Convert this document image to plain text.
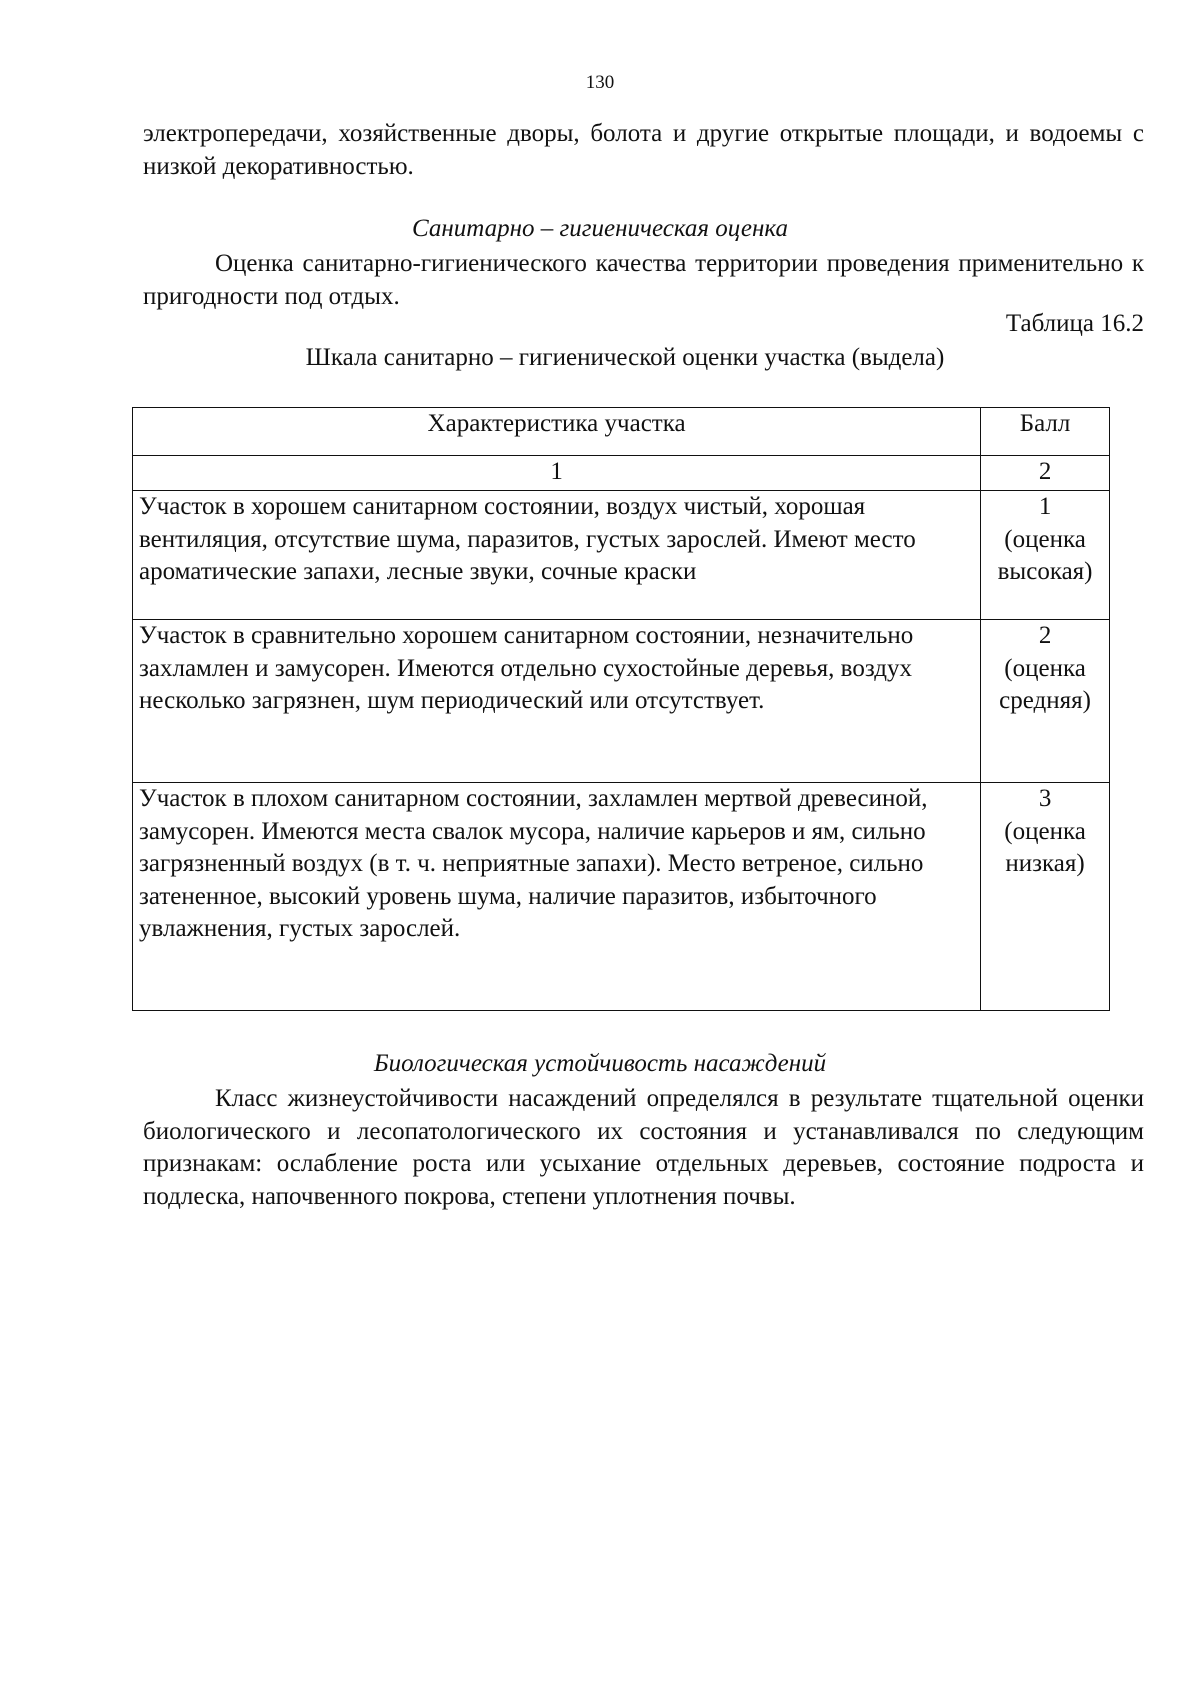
130

электропередачи, хозяйственные дворы, болота и другие открытые площади, и водоемы с низкой декоративностью.

Санитарно – гигиеническая оценка

Оценка санитарно-гигиенического качества территории проведения применительно к пригодности под отдых.

Таблица 16.2

Шкала санитарно – гигиенической оценки участка (выдела)

Характеристика участка	Балл
1	2
Участок в хорошем санитарном состоянии, воздух чистый, хорошая вентиляция, отсутствие шума, паразитов, густых зарослей. Имеют место ароматические запахи, лесные звуки, сочные краски	1
(оценка высокая)

Участок в сравнительно хорошем санитарном состоянии, незначительно захламлен и замусорен. Имеются отдельно сухостойные деревья, воздух несколько загрязнен, шум периодический или отсутствует.	2
(оценка средняя)

Участок в плохом санитарном состоянии, захламлен мертвой древесиной, замусорен. Имеются места свалок мусора, наличие карьеров и ям, сильно загрязненный воздух (в т. ч. неприятные запахи). Место ветреное, сильно затененное, высокий уровень шума, наличие паразитов, избыточного увлажнения, густых зарослей.	3
(оценка низкая)

Биологическая устойчивость насаждений

Класс жизнеустойчивости насаждений определялся в результате тщательной оценки биологического и лесопатологического их состояния и устанавливался по следующим признакам: ослабление роста или усыхание отдельных деревьев, состояние подроста и подлеска, напочвенного покрова, степени уплотнения почвы.
